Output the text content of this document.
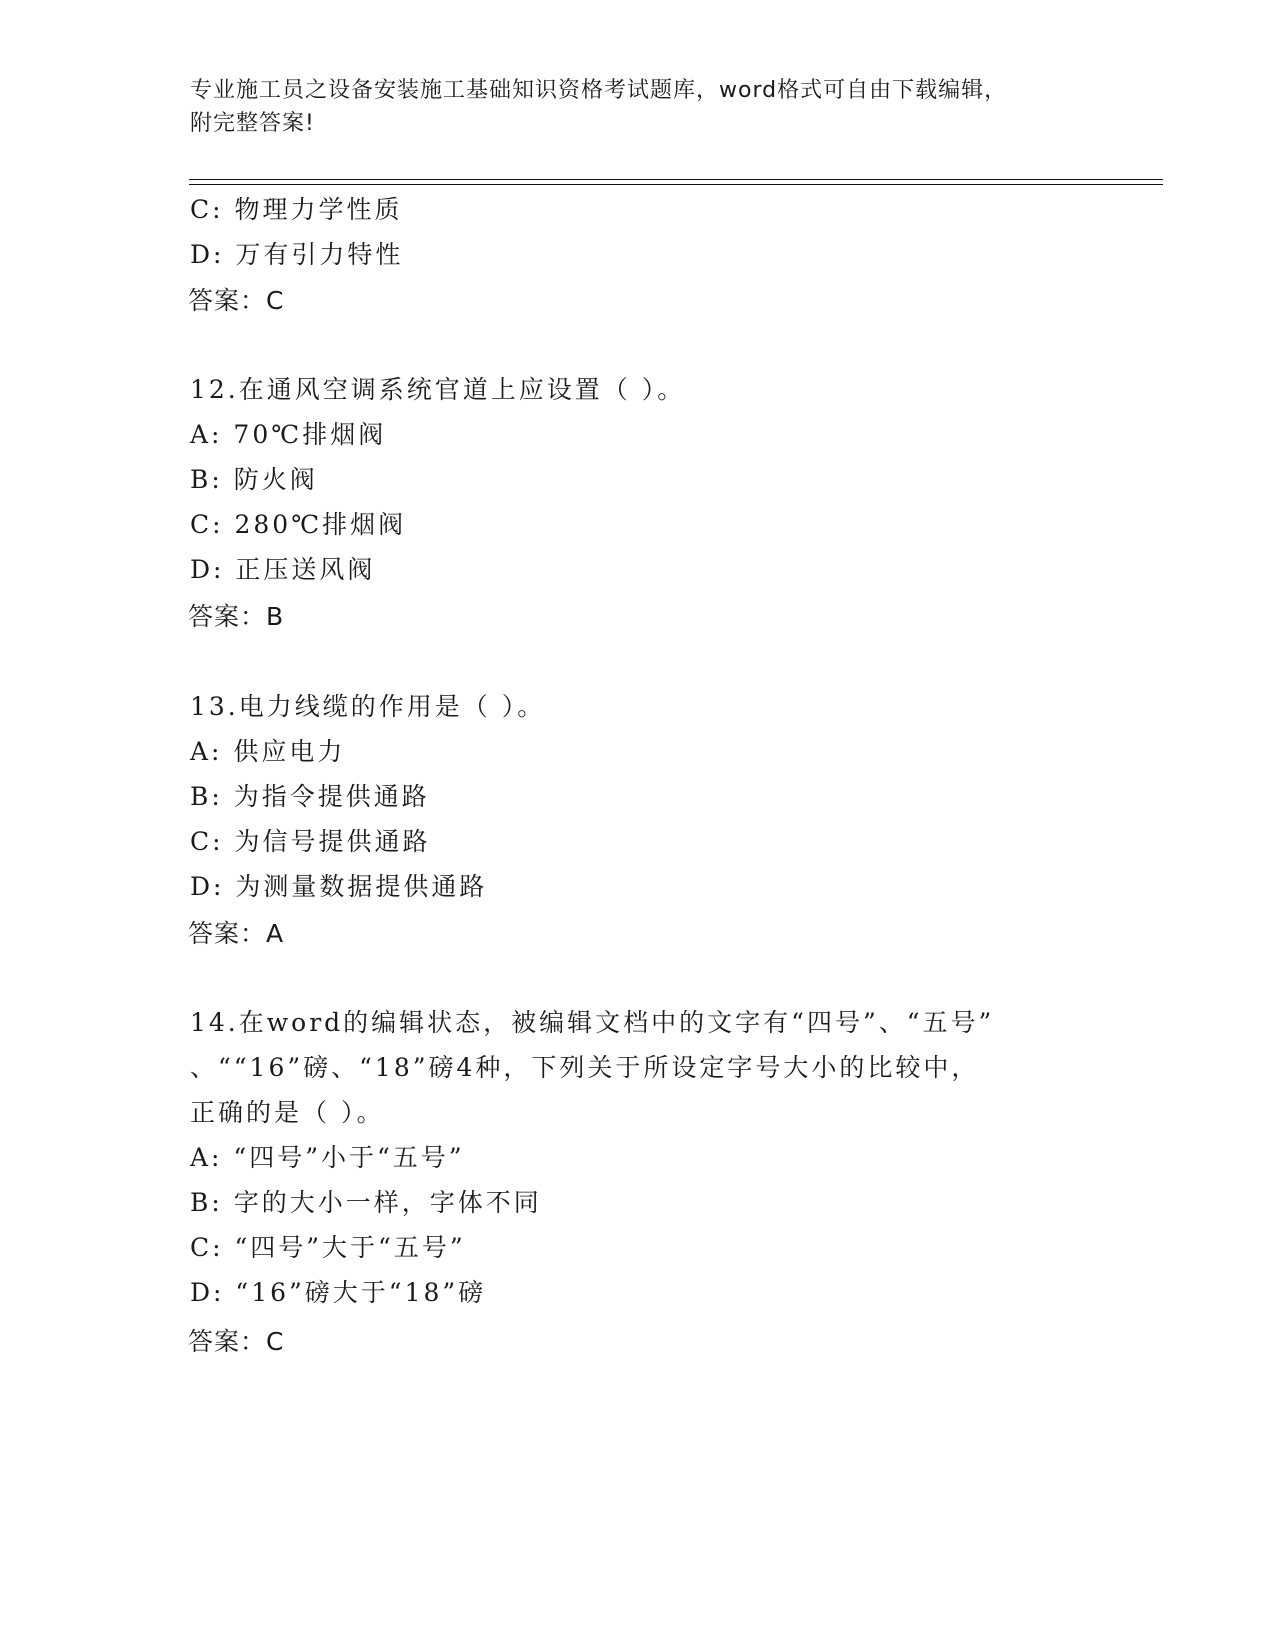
专业施工员之设备安装施工基础知识资格考试题库，word格式可自由下载编辑，
附完整答案!
C: 物理力学性质
D: 万有引力特性
答案：C
12.在通风空调系统官道上应设置（ ）。
A: 70℃排烟阀
B: 防火阀
C: 280℃排烟阀
D: 正压送风阀
答案：B
13.电力线缆的作用是（ ）。
A: 供应电力
B: 为指令提供通路
C: 为信号提供通路
D: 为测量数据提供通路
答案：A
14.在word的编辑状态，被编辑文档中的文字有“四号”、“五号”
、““16”磅、“18”磅4种，下列关于所设定字号大小的比较中，
正确的是（ ）。
A: “四号”小于“五号”
B: 字的大小一样，字体不同
C: “四号”大于“五号”
D: “16”磅大于“18”磅
答案：C
